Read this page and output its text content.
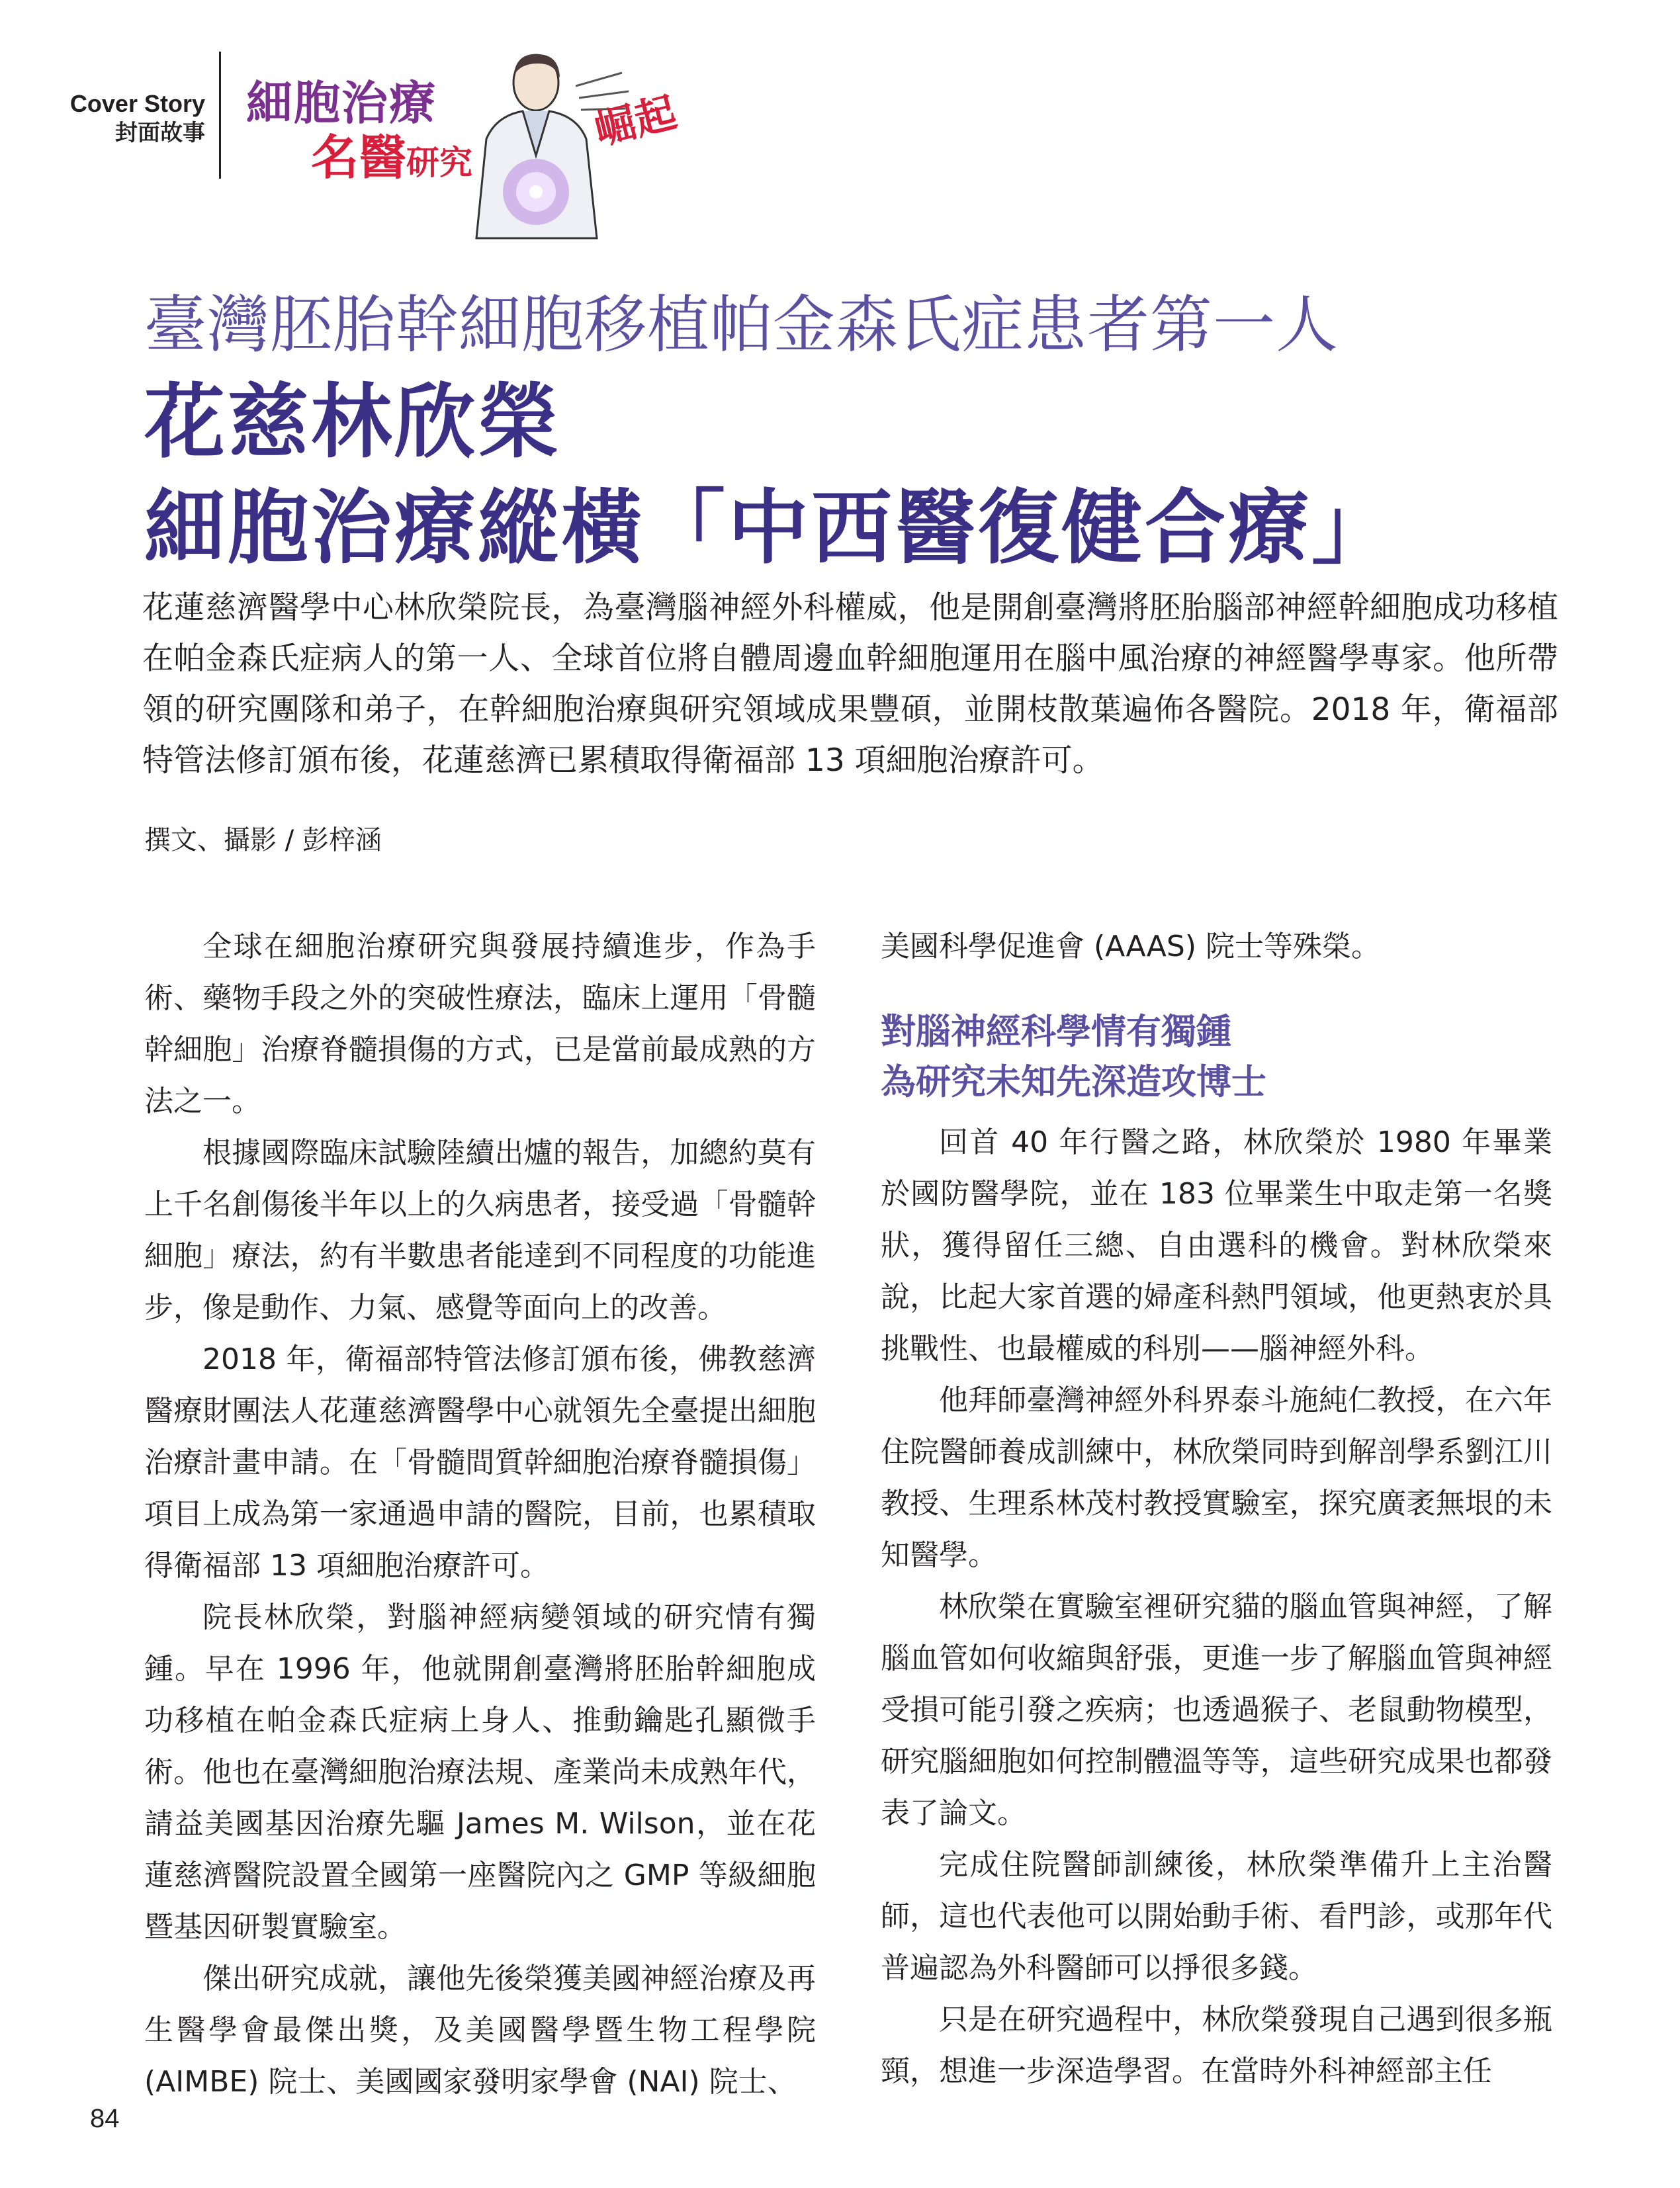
Cover Story
封面故事
細胞治療
名醫研究
崛起
臺灣胚胎幹細胞移植帕金森氏症患者第一人
花慈林欣榮
細胞治療縱橫「中西醫復健合療」
花蓮慈濟醫學中心林欣榮院長，為臺灣腦神經外科權威，他是開創臺灣將胚胎腦部神經幹細胞成功移植在帕金森氏症病人的第一人、全球首位將自體周邊血幹細胞運用在腦中風治療的神經醫學專家。他所帶領的研究團隊和弟子，在幹細胞治療與研究領域成果豐碩，並開枝散葉遍佈各醫院。2018 年，衛福部特管法修訂頒布後，花蓮慈濟已累積取得衛福部 13 項細胞治療許可。
撰文、攝影 / 彭梓涵

全球在細胞治療研究與發展持續進步，作為手術、藥物手段之外的突破性療法，臨床上運用「骨髓幹細胞」治療脊髓損傷的方式，已是當前最成熟的方法之一。

根據國際臨床試驗陸續出爐的報告，加總約莫有上千名創傷後半年以上的久病患者，接受過「骨髓幹細胞」療法，約有半數患者能達到不同程度的功能進步，像是動作、力氣、感覺等面向上的改善。

2018 年，衛福部特管法修訂頒布後，佛教慈濟醫療財團法人花蓮慈濟醫學中心就領先全臺提出細胞治療計畫申請。在「骨髓間質幹細胞治療脊髓損傷」項目上成為第一家通過申請的醫院，目前，也累積取得衛福部 13 項細胞治療許可。

院長林欣榮，對腦神經病變領域的研究情有獨鍾。早在 1996 年，他就開創臺灣將胚胎幹細胞成功移植在帕金森氏症病上身人、推動鑰匙孔顯微手術。他也在臺灣細胞治療法規、產業尚未成熟年代，請益美國基因治療先驅 James M. Wilson，並在花蓮慈濟醫院設置全國第一座醫院內之 GMP 等級細胞暨基因研製實驗室。

傑出研究成就，讓他先後榮獲美國神經治療及再生醫學會最傑出獎，及美國醫學暨生物工程學院 (AIMBE) 院士、美國國家發明家學會 (NAI) 院士、

美國科學促進會 (AAAS) 院士等殊榮。

對腦神經科學情有獨鍾
為研究未知先深造攻博士

回首 40 年行醫之路，林欣榮於 1980 年畢業於國防醫學院，並在 183 位畢業生中取走第一名獎狀，獲得留任三總、自由選科的機會。對林欣榮來說，比起大家首選的婦產科熱門領域，他更熱衷於具挑戰性、也最權威的科別——腦神經外科。

他拜師臺灣神經外科界泰斗施純仁教授，在六年住院醫師養成訓練中，林欣榮同時到解剖學系劉江川教授、生理系林茂村教授實驗室，探究廣袤無垠的未知醫學。

林欣榮在實驗室裡研究貓的腦血管與神經，了解腦血管如何收縮與舒張，更進一步了解腦血管與神經受損可能引發之疾病；也透過猴子、老鼠動物模型，研究腦細胞如何控制體溫等等，這些研究成果也都發表了論文。

完成住院醫師訓練後，林欣榮準備升上主治醫師，這也代表他可以開始動手術、看門診，或那年代普遍認為外科醫師可以掙很多錢。

只是在研究過程中，林欣榮發現自己遇到很多瓶頸，想進一步深造學習。在當時外科神經部主任

84
